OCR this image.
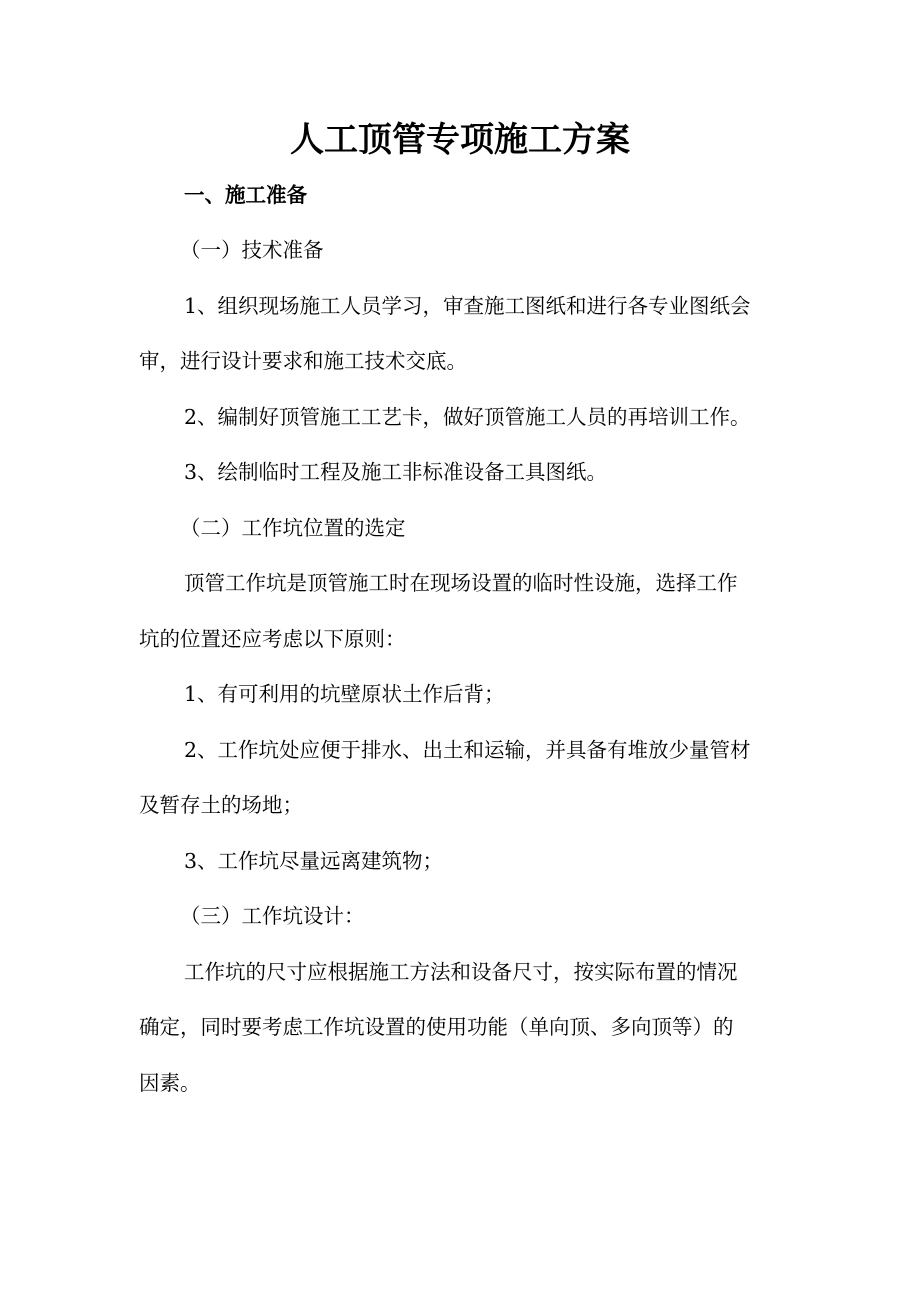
人工顶管专项施工方案
一、施工准备
（一）技术准备
1、组织现场施工人员学习，审查施工图纸和进行各专业图纸会
审，进行设计要求和施工技术交底。
2、编制好顶管施工工艺卡，做好顶管施工人员的再培训工作。
3、绘制临时工程及施工非标准设备工具图纸。
（二）工作坑位置的选定
顶管工作坑是顶管施工时在现场设置的临时性设施，选择工作
坑的位置还应考虑以下原则：
1、有可利用的坑壁原状土作后背；
2、工作坑处应便于排水、出土和运输，并具备有堆放少量管材
及暂存土的场地；
3、工作坑尽量远离建筑物；
（三）工作坑设计：
工作坑的尺寸应根据施工方法和设备尺寸，按实际布置的情况
确定，同时要考虑工作坑设置的使用功能（单向顶、多向顶等）的
因素。
